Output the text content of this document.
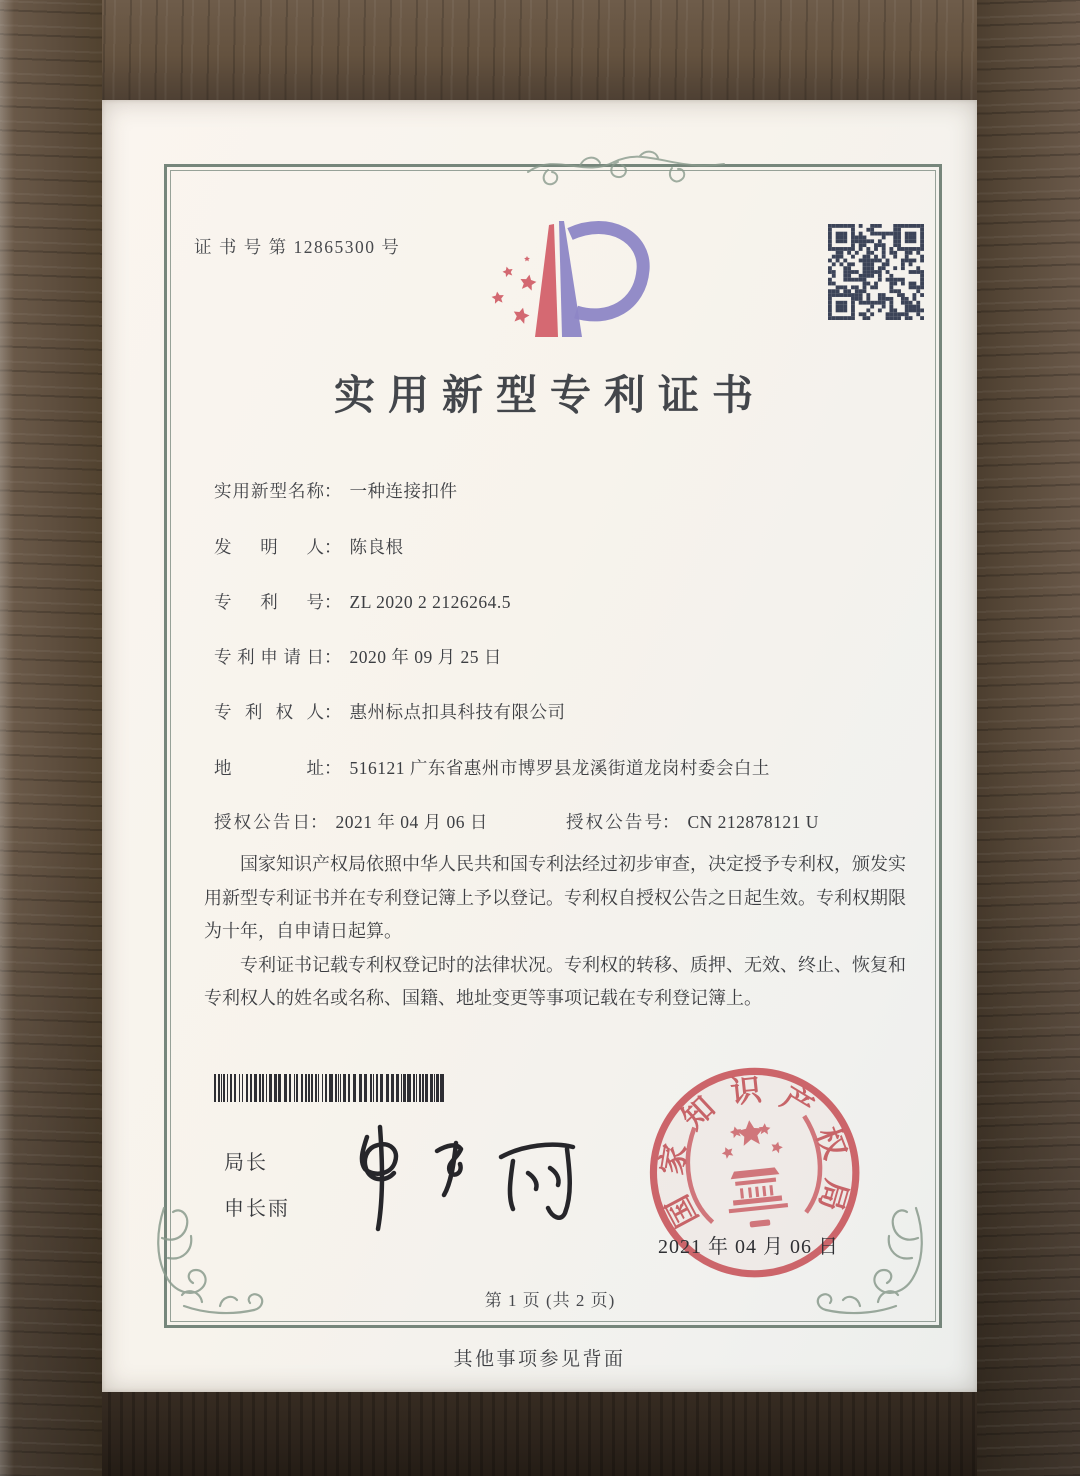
证 书 号 第 12865300 号
实用新型专利证书
实用新型名称： 一种连接扣件
发明人： 陈良根
专利号： ZL 2020 2 2126264.5
专利申请日： 2020 年 09 月 25 日
专利权人： 惠州标点扣具科技有限公司
地址： 516121 广东省惠州市博罗县龙溪街道龙岗村委会白土
授权公告日： 2021 年 04 月 06 日	授权公告号： CN 212878121 U

国家知识产权局依照中华人民共和国专利法经过初步审查，决定授予专利权，颁发实用新型专利证书并在专利登记簿上予以登记。专利权自授权公告之日起生效。专利权期限为十年，自申请日起算。

专利证书记载专利权登记时的法律状况。专利权的转移、质押、无效、终止、恢复和专利权人的姓名或名称、国籍、地址变更等事项记载在专利登记簿上。

局长
申长雨	国
家
知 识 产
权
局
2021 年 04 月 06 日
第 1 页 (共 2 页)
其他事项参见背面
